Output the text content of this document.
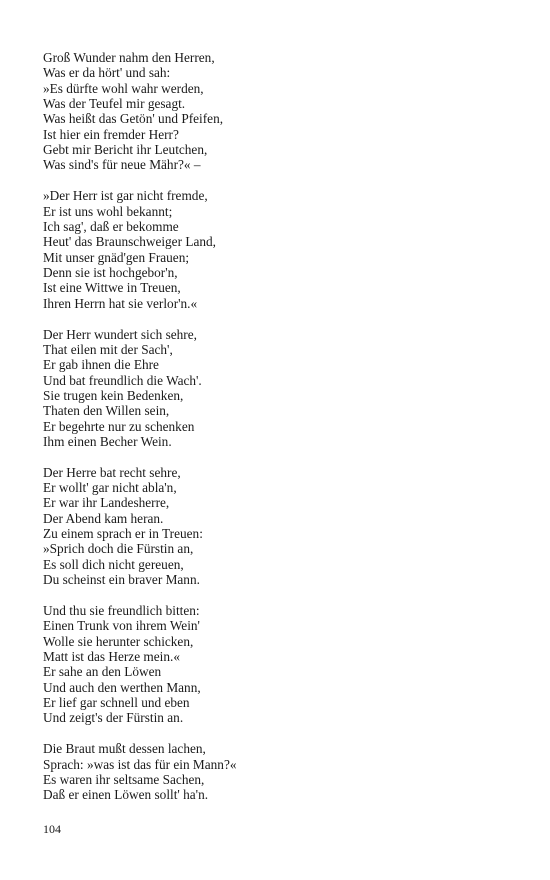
Groß Wunder nahm den Herren,
Was er da hört' und sah:
»Es dürfte wohl wahr werden,
Was der Teufel mir gesagt.
Was heißt das Getön' und Pfeifen,
Ist hier ein fremder Herr?
Gebt mir Bericht ihr Leutchen,
Was sind's für neue Mähr?« –
»Der Herr ist gar nicht fremde,
Er ist uns wohl bekannt;
Ich sag', daß er bekomme
Heut' das Braunschweiger Land,
Mit unser gnäd'gen Frauen;
Denn sie ist hochgebor'n,
Ist eine Wittwe in Treuen,
Ihren Herrn hat sie verlor'n.«
Der Herr wundert sich sehre,
That eilen mit der Sach',
Er gab ihnen die Ehre
Und bat freundlich die Wach'.
Sie trugen kein Bedenken,
Thaten den Willen sein,
Er begehrte nur zu schenken
Ihm einen Becher Wein.
Der Herre bat recht sehre,
Er wollt' gar nicht abla'n,
Er war ihr Landesherre,
Der Abend kam heran.
Zu einem sprach er in Treuen:
»Sprich doch die Fürstin an,
Es soll dich nicht gereuen,
Du scheinst ein braver Mann.
Und thu sie freundlich bitten:
Einen Trunk von ihrem Wein'
Wolle sie herunter schicken,
Matt ist das Herze mein.«
Er sahe an den Löwen
Und auch den werthen Mann,
Er lief gar schnell und eben
Und zeigt's der Fürstin an.
Die Braut mußt dessen lachen,
Sprach: »was ist das für ein Mann?«
Es waren ihr seltsame Sachen,
Daß er einen Löwen sollt' ha'n.
104
